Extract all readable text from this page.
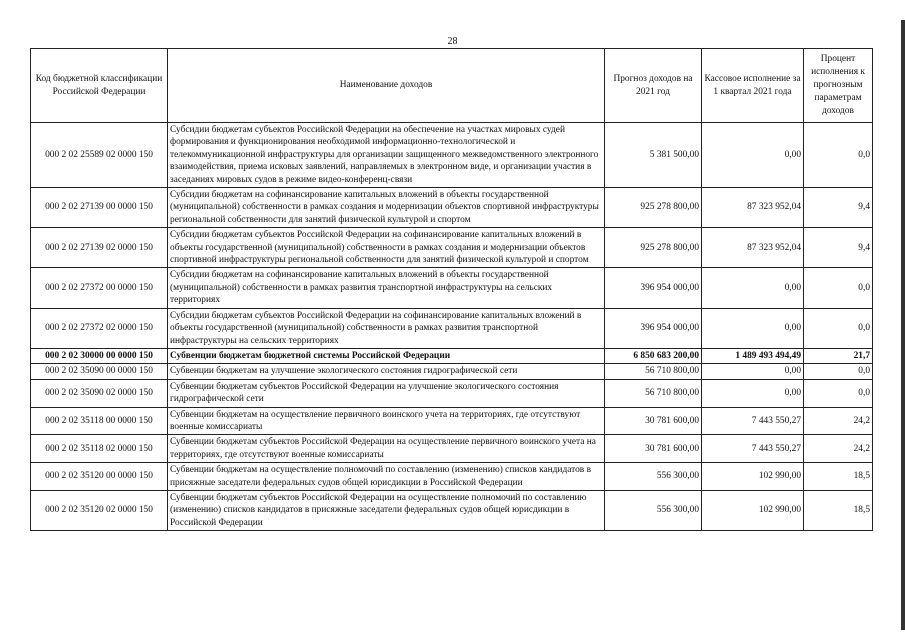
28
Код бюджетной классификации Российской Федерации	Наименование доходов	Прогноз доходов на 2021 год	Кассовое исполнение за 1 квартал 2021 года	Процент исполнения к прогнозным параметрам доходов
000 2 02 25589 02 0000 150	Субсидии бюджетам субъектов Российской Федерации на обеспечение на участках мировых судей формирования и функционирования необходимой информационно-технологической и телекоммуникационной инфраструктуры для организации защищенного межведомственного электронного взаимодействия, приема исковых заявлений, направляемых в электронном виде, и организации участия в заседаниях мировых судов в режиме видео-конференц-связи	5 381 500,00	0,00	0,0
000 2 02 27139 00 0000 150	Субсидии бюджетам на софинансирование капитальных вложений в объекты государственной (муниципальной) собственности в рамках создания и модернизации объектов спортивной инфраструктуры региональной собственности для занятий физической культурой и спортом	925 278 800,00	87 323 952,04	9,4
000 2 02 27139 02 0000 150	Субсидии бюджетам субъектов Российской Федерации на софинансирование капитальных вложений в объекты государственной (муниципальной) собственности в рамках создания и модернизации объектов спортивной инфраструктуры региональной собственности для занятий физической культурой и спортом	925 278 800,00	87 323 952,04	9,4
000 2 02 27372 00 0000 150	Субсидии бюджетам на софинансирование капитальных вложений в объекты государственной (муниципальной) собственности в рамках развития транспортной инфраструктуры на сельских территориях	396 954 000,00	0,00	0,0
000 2 02 27372 02 0000 150	Субсидии бюджетам субъектов Российской Федерации на софинансирование капитальных вложений в объекты государственной (муниципальной) собственности в рамках развития транспортной инфраструктуры на сельских территориях	396 954 000,00	0,00	0,0
000 2 02 30000 00 0000 150	Субвенции бюджетам бюджетной системы Российской Федерации	6 850 683 200,00	1 489 493 494,49	21,7
000 2 02 35090 00 0000 150	Субвенции бюджетам на улучшение экологического состояния гидрографической сети	56 710 800,00	0,00	0,0
000 2 02 35090 02 0000 150	Субвенции бюджетам субъектов Российской Федерации на улучшение экологического состояния гидрографической сети	56 710 800,00	0,00	0,0
000 2 02 35118 00 0000 150	Субвенции бюджетам на осуществление первичного воинского учета на территориях, где отсутствуют военные комиссариаты	30 781 600,00	7 443 550,27	24,2
000 2 02 35118 02 0000 150	Субвенции бюджетам субъектов Российской Федерации на осуществление первичного воинского учета на территориях, где отсутствуют военные комиссариаты	30 781 600,00	7 443 550,27	24,2
000 2 02 35120 00 0000 150	Субвенции бюджетам на осуществление полномочий по составлению (изменению) списков кандидатов в присяжные заседатели федеральных судов общей юрисдикции в Российской Федерации	556 300,00	102 990,00	18,5
000 2 02 35120 02 0000 150	Субвенции бюджетам субъектов Российской Федерации на осуществление полномочий по составлению (изменению) списков кандидатов в присяжные заседатели федеральных судов общей юрисдикции в Российской Федерации	556 300,00	102 990,00	18,5
